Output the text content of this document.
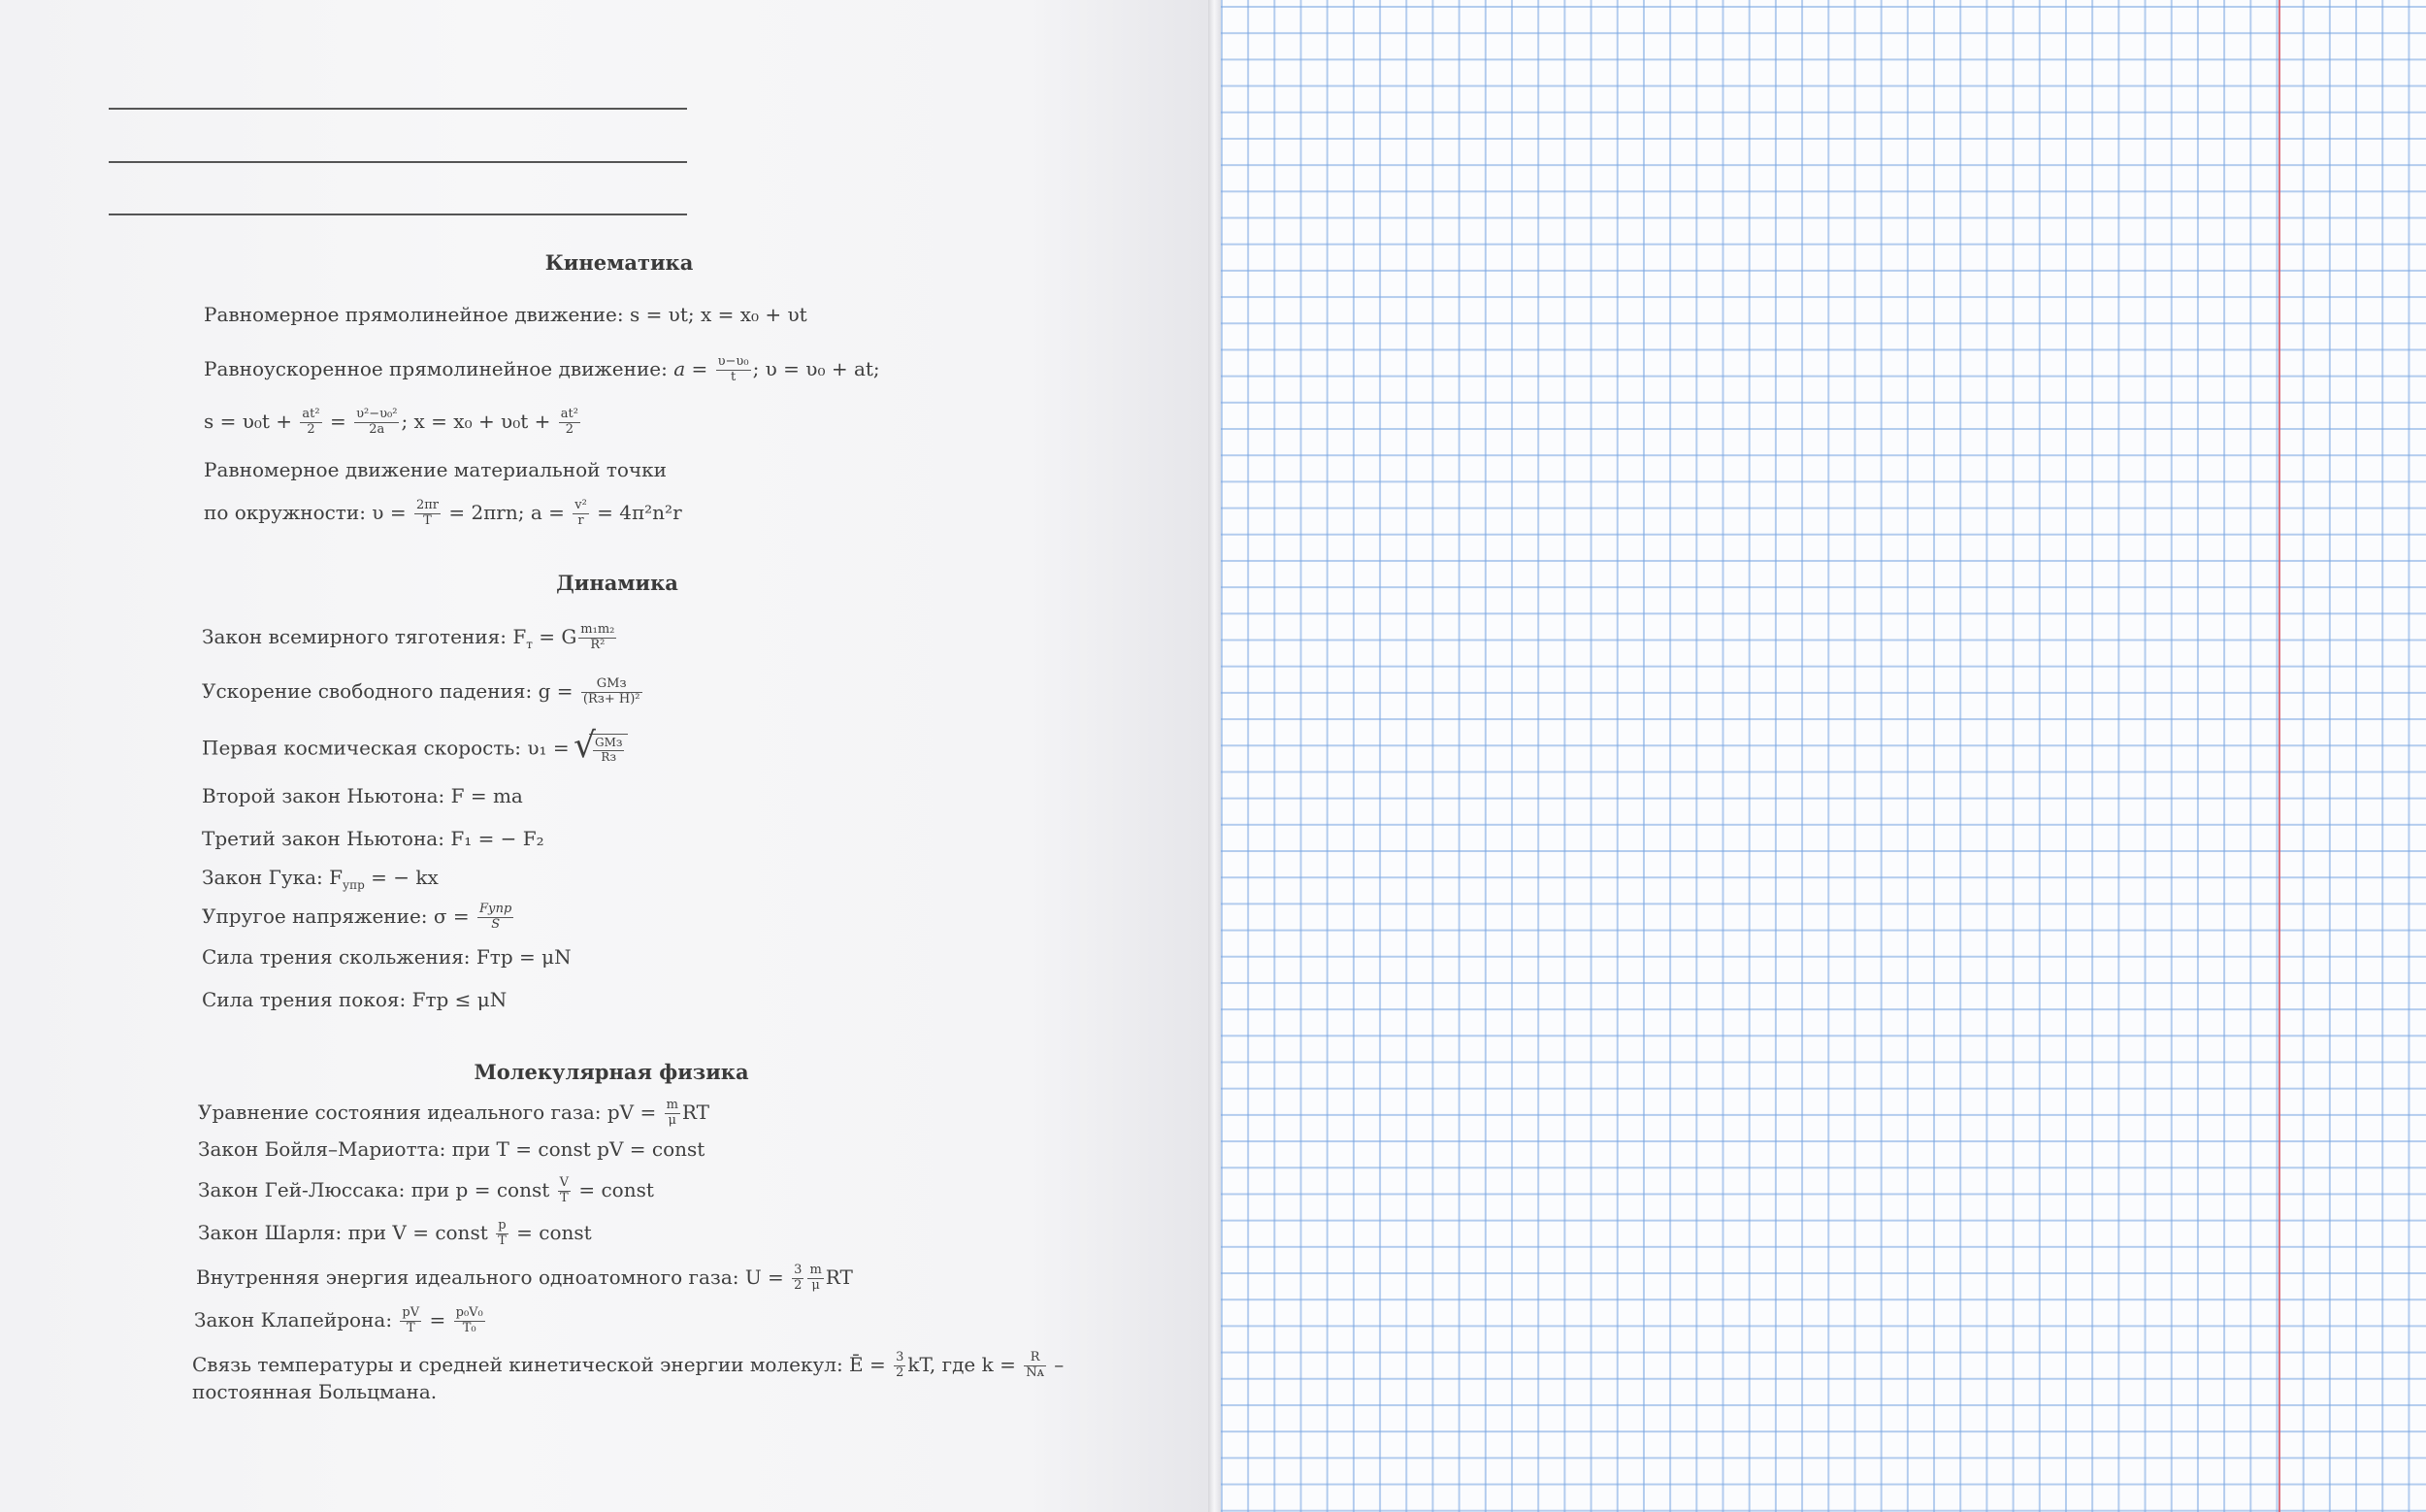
Кинематика
Равномерное прямолинейное движение: s = υt; x = x₀ + υt
Равноускоренное прямолинейное движение: $a = \frac{\text{υ−υ₀}}{t}$ ; υ = υ₀ + at;
$s = \upsilon_0t + \frac{\text{at²}}{2} = \frac{\text{υ²−υ₀²}}{2a}$ ; $x = x_0 + \upsilon_0t + \frac{\text{at²}}{2}$
Равномерное движение материальной точки
по окружности: $\upsilon = \frac{2\pi r}{T} = 2\pi rn$; $a = \frac{\text{v²}}{r} = 4\pi^2n^2r$
Динамика
Закон всемирного тяготения: $F_т = G \frac{\text{m₁m₂}}{\text{R²}}$
Ускорение свободного падения: $g = \frac{\text{GMз}}{\text{(Rз+ H)²}}$
Первая космическая скорость: υ₁ =
√ $\frac{\text{GMз}}{Rз}$
Второй закон Ньютона: F = ma
Третий закон Ньютона: F₁ = − F₂
Закон Гука: $F_{упр}$ = − kx
Упругое напряжение: $\sigma = \frac{\text{Fупр}}{S}$
Сила трения скольжения: Fтр = μN
Сила трения покоя: Fтр ≤ μN
Молекулярная физика
Уравнение состояния идеального газа: pV = $\frac{m}{\mu}$ RT
Закон Бойля–Мариотта: при T = const pV = const
Закон Гей-Люссака: при p = const $\frac{V}{T}$ = const
Закон Шарля: при V = const $\frac{p}{T}$ = const
Внутренняя энергия идеального одноатомного газа: $U = \frac{3}{2} \frac{m}{\mu}$ RT
Закон Клапейрона: $\frac{pV}{T} = \frac{\text{p₀V₀}}{\text{T₀}}$
Связь температуры и средней кинетической энергии молекул: Ē = $\frac{3}{2}$ kT, где $k = \frac{R}{\text{Nᴀ}}$ –
постоянная Больцмана.
